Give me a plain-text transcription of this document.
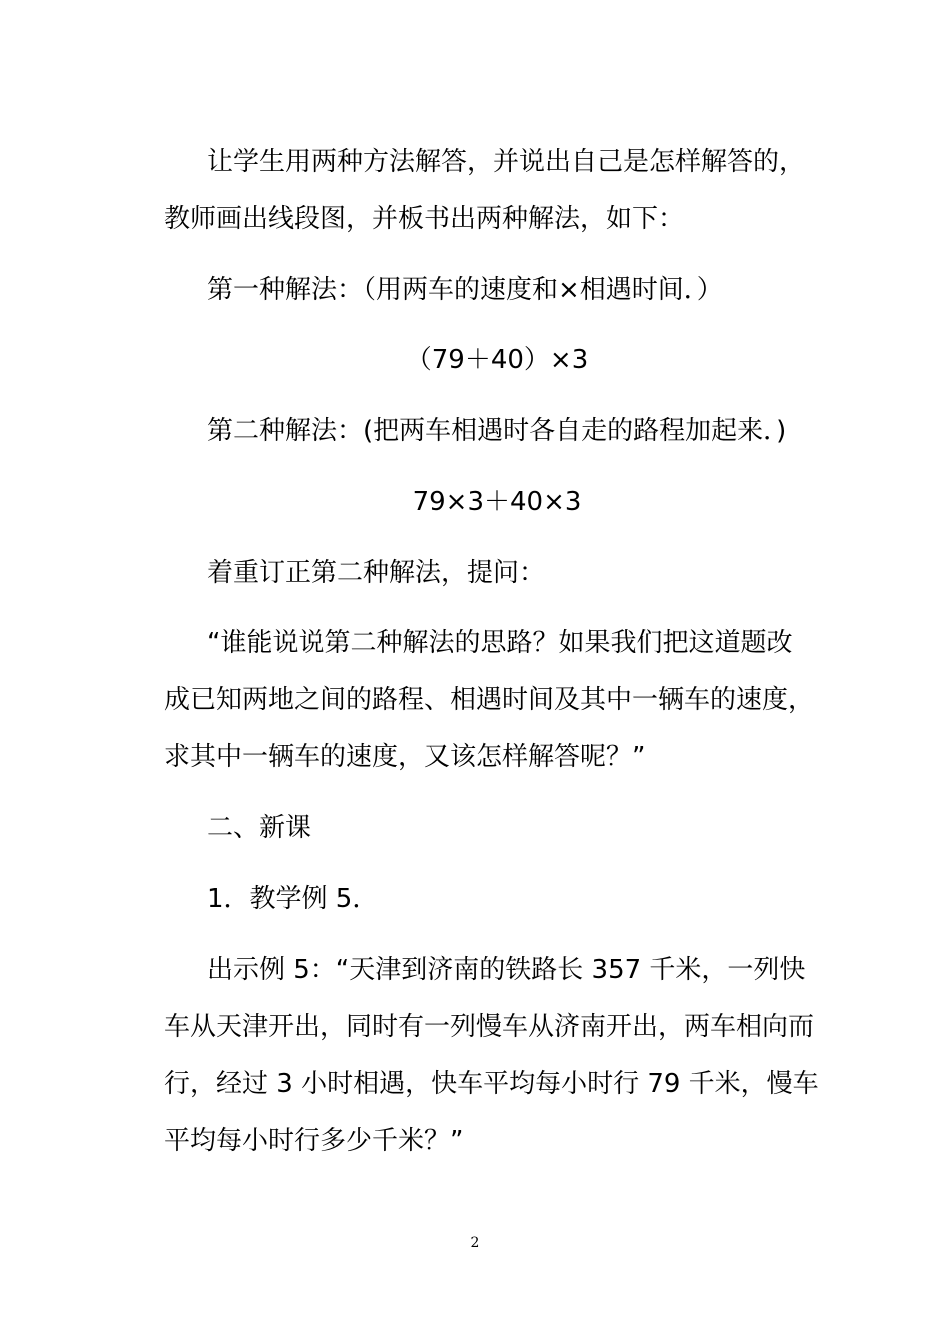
让学生用两种方法解答，并说出自己是怎样解答的，
教师画出线段图，并板书出两种解法，如下：
第一种解法：（用两车的速度和×相遇时间．）
（79＋40）×3
第二种解法：(把两车相遇时各自走的路程加起来．)
79×3＋40×3
着重订正第二种解法，提问：
“谁能说说第二种解法的思路？如果我们把这道题改
成已知两地之间的路程、相遇时间及其中一辆车的速度，
求其中一辆车的速度，又该怎样解答呢？”
二、新课
1．教学例 5．
出示例 5：“天津到济南的铁路长 357 千米，一列快
车从天津开出，同时有一列慢车从济南开出，两车相向而
行，经过 3 小时相遇，快车平均每小时行 79 千米，慢车
平均每小时行多少千米？”
2
